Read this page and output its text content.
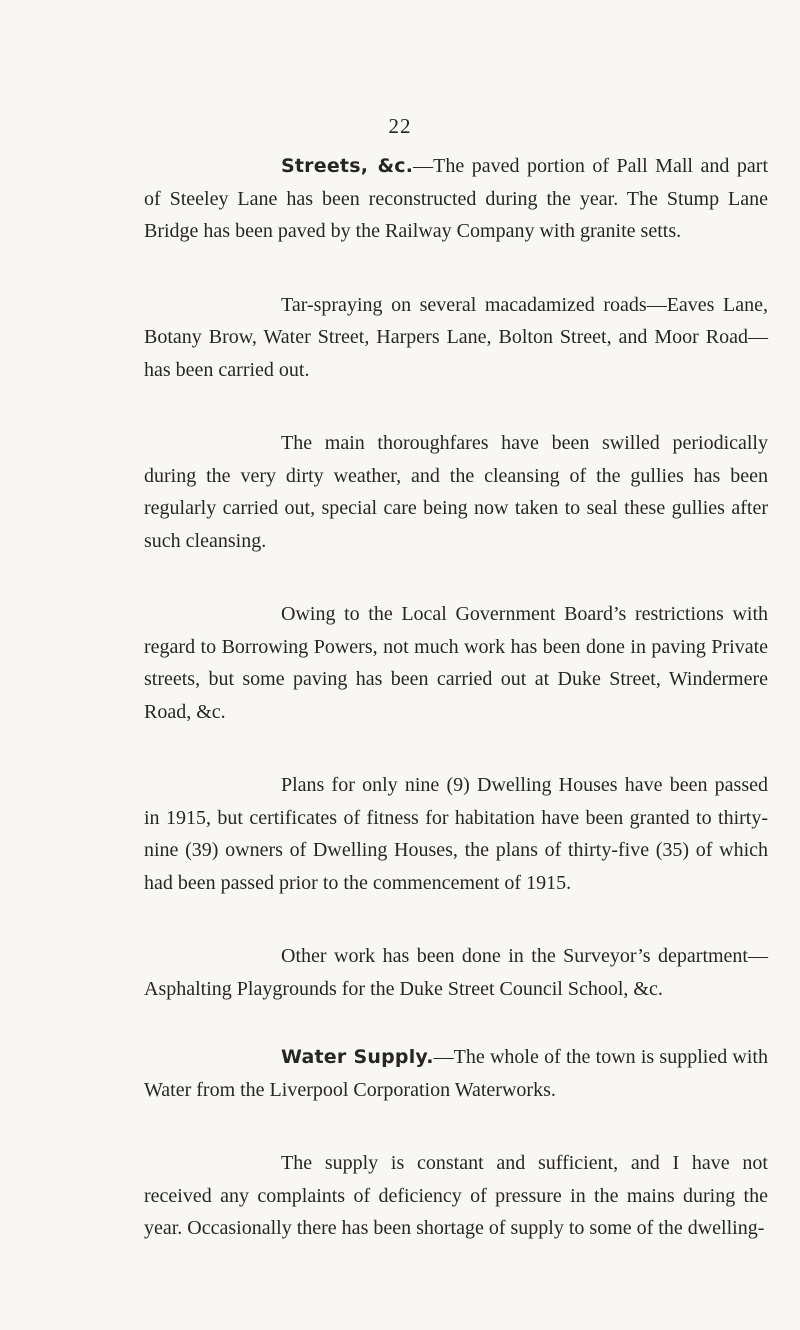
22

Streets, &c.—The paved portion of Pall Mall and part of Steeley Lane has been reconstructed during the year. The Stump Lane Bridge has been paved by the Railway Company with granite setts.

Tar-spraying on several macadamized roads—Eaves Lane, Botany Brow, Water Street, Harpers Lane, Bolton Street, and Moor Road—has been carried out.

The main thoroughfares have been swilled periodically during the very dirty weather, and the cleansing of the gullies has been regularly carried out, special care being now taken to seal these gullies after such cleansing.

Owing to the Local Government Board’s restrictions with regard to Borrowing Powers, not much work has been done in paving Private streets, but some paving has been carried out at Duke Street, Windermere Road, &c.

Plans for only nine (9) Dwelling Houses have been passed in 1915, but certificates of fitness for habitation have been granted to thirty-nine (39) owners of Dwelling Houses, the plans of thirty-five (35) of which had been passed prior to the commencement of 1915.

Other work has been done in the Surveyor’s department—Asphalting Playgrounds for the Duke Street Council School, &c.

Water Supply.—The whole of the town is supplied with Water from the Liverpool Corporation Waterworks.

The supply is constant and sufficient, and I have not received any complaints of deficiency of pressure in the mains during the year. Occasionally there has been shortage of supply to some of the dwelling-
